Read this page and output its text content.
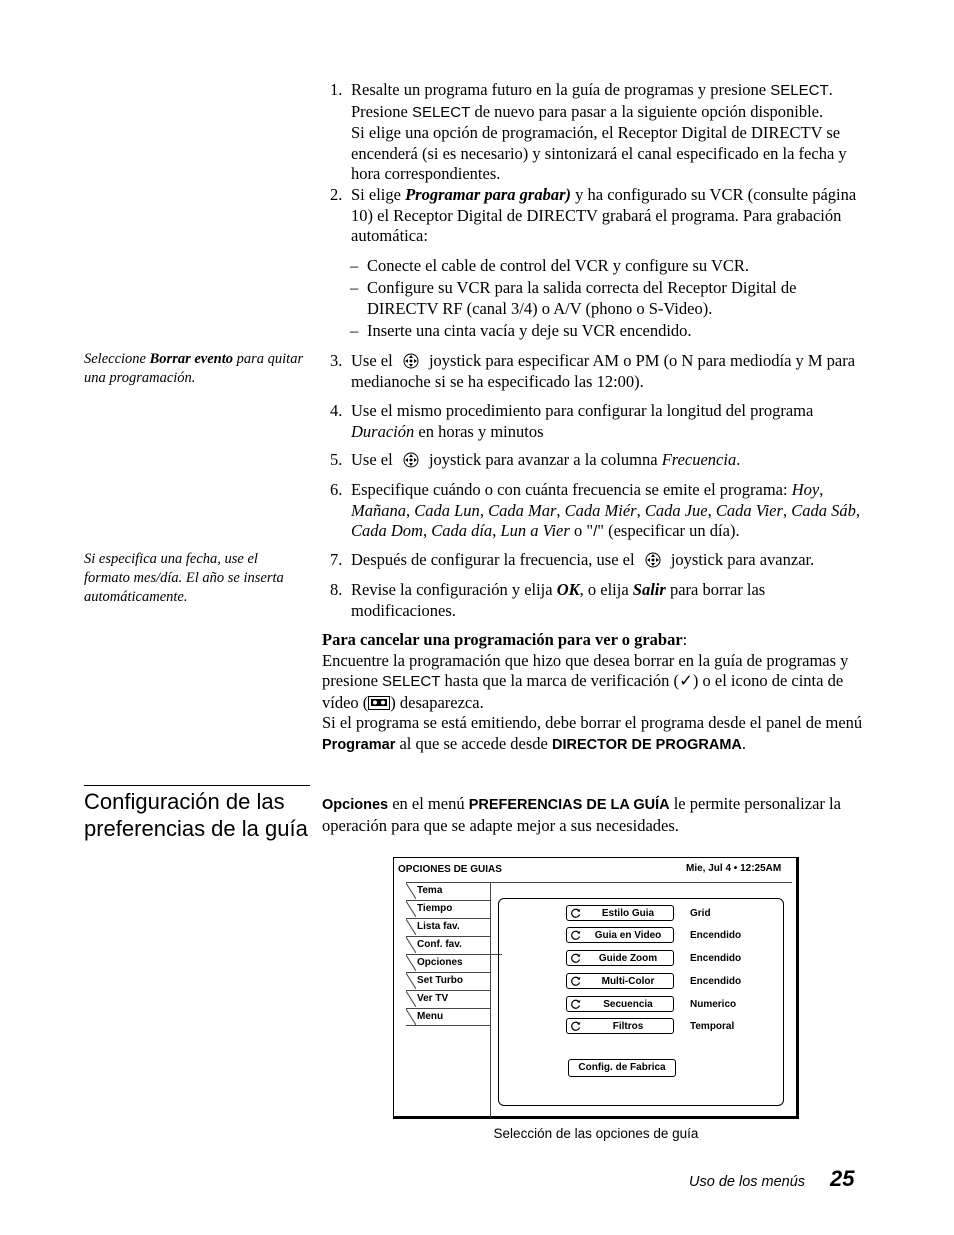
1. Resalte un programa futuro en la guía de programas y presione SELECT. Presione SELECT de nuevo para pasar a la siguiente opción disponible.
Si elige una opción de programación, el Receptor Digital de DIRECTV se encenderá (si es necesario) y sintonizará el canal especificado en la fecha y hora correspondientes.
2. Si elige Programar para grabar) y ha configurado su VCR (consulte página 10) el Receptor Digital de DIRECTV grabará el programa. Para grabación automática:
– Conecte el cable de control del VCR y configure su VCR.
– Configure su VCR para la salida correcta del Receptor Digital de DIRECTV RF (canal 3/4) o A/V (phono o S-Video).
– Inserte una cinta vacía y deje su VCR encendido.
3. Use el joystick para especificar AM o PM (o N para mediodía y M para medianoche si se ha especificado las 12:00).
4. Use el mismo procedimiento para configurar la longitud del programa Duración en horas y minutos
5. Use el joystick para avanzar a la columna Frecuencia.
6. Especifique cuándo o con cuánta frecuencia se emite el programa: Hoy, Mañana, Cada Lun, Cada Mar, Cada Miér, Cada Jue, Cada Vier, Cada Sáb, Cada Dom, Cada día, Lun a Vier o "/" (especificar un día).
7. Después de configurar la frecuencia, use el joystick para avanzar.
8. Revise la configuración y elija OK, o elija Salir para borrar las modificaciones.
Seleccione Borrar evento para quitar una programación.
Si especifica una fecha, use el formato mes/día. El año se inserta automáticamente.
Para cancelar una programación para ver o grabar:
Encuentre la programación que hizo que desea borrar en la guía de programas y presione SELECT hasta que la marca de verificación (✓) o el icono de cinta de vídeo ( ) desaparezca.
Si el programa se está emitiendo, debe borrar el programa desde el panel de menú Programar al que se accede desde DIRECTOR DE PROGRAMA.
Configuración de las preferencias de la guía
Opciones en el menú PREFERENCIAS DE LA GUÍA le permite personalizar la operación para que se adapte mejor a sus necesidades.
OPCIONES DE GUIAS	Mie, Jul 4 • 12:25AM
Tema
Tiempo
Lista fav.
Conf. fav.
Opciones
Set Turbo
Ver TV
Menu
Estilo Guia	Grid
Guia en Video	Encendido
Guide Zoom	Encendido
Multi-Color	Encendido
Secuencia	Numerico
Filtros	Temporal
Config. de Fabrica
Selección de las opciones de guía
Uso de los menús 25
